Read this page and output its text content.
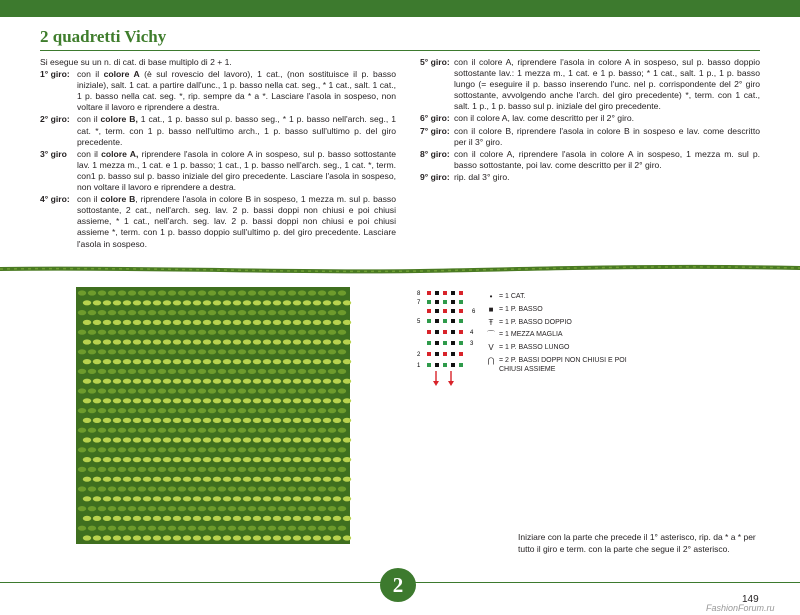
2 quadretti Vichy

Si esegue su un n. di cat. di base multiplo di 2 + 1.

1° giro: con il colore A (è sul rovescio del lavoro), 1 cat., (non sostituisce il p. basso iniziale), salt. 1 cat. a partire dall'unc., 1 p. basso nella cat. seg., * 1 cat., salt. 1 cat., 1 p. basso nella cat. seg. *, rip. sempre da * a *. Lasciare l'asola in sospeso, non voltare il lavoro e riprendere a destra.
2° giro: con il colore B, 1 cat., 1 p. basso sul p. basso seg., * 1 p. basso nell'arch. seg., 1 cat. *, term. con 1 p. basso nell'ultimo arch., 1 p. basso sull'ultimo p. del giro precedente.
3° giro	con il colore A, riprendere l'asola in colore A in sospeso, sul p. basso sottostante lav. 1 mezza m., 1 cat. e 1 p. basso; 1 cat., 1 p. basso nell'arch. seg., 1 cat. *, term. con1 p. basso sul p. basso iniziale del giro precedente. Lasciare l'asola in sospeso, non voltare il lavoro e riprendere a destra.
4° giro: con il colore B, riprendere l'asola in colore B in sospeso, 1 mezza m. sul p. basso sottostante, 2 cat., nell'arch. seg. lav. 2 p. bassi doppi non chiusi e poi chiusi assieme, * 1 cat., nell'arch. seg. lav. 2 p. bassi doppi non chiusi e poi chiusi assieme *, term. con 1 p. basso doppio sull'ultimo p. del giro precedente. Lasciare l'asola in sospeso.
5° giro: con il colore A, riprendere l'asola in colore A in sospeso, sul p. basso doppio sottostante lav.: 1 mezza m., 1 cat. e 1 p. basso; * 1 cat., salt. 1 p., 1 p. basso lungo (= eseguire il p. basso inserendo l'unc. nel p. corrispondente del 2° giro sottostante, avvolgendo anche l'arch. del giro precedente) *, term. con 1 cat., salt. 1 p., 1 p. basso sul p. iniziale del giro precedente.
6° giro: con il colore A, lav. come descritto per il 2° giro.
7° giro: con il colore B, riprendere l'asola in colore B in sospeso e lav. come descritto per il 3° giro.
8° giro: con il colore A, riprendere l'asola in colore A in sospeso, 1 mezza m. sul p. basso sottostante, poi lav. come descritto per il 2° giro.
9° giro: rip. dal 3° giro.
8
7
6
5
4
3
2
1
• = 1 CAT.
■ = 1 P. BASSO
Ŧ = 1 P. BASSO DOPPIO
⌒ = 1 MEZZA MAGLIA
V = 1 P. BASSO LUNGO
⋂ = 2 P. BASSI DOPPI NON CHIUSI E POI CHIUSI ASSIEME

Iniziare con la parte che precede il 1° asterisco, rip. da * a * per tutto il giro e term. con la parte che segue il 2° asterisco.

2
149
FashionForum.ru
